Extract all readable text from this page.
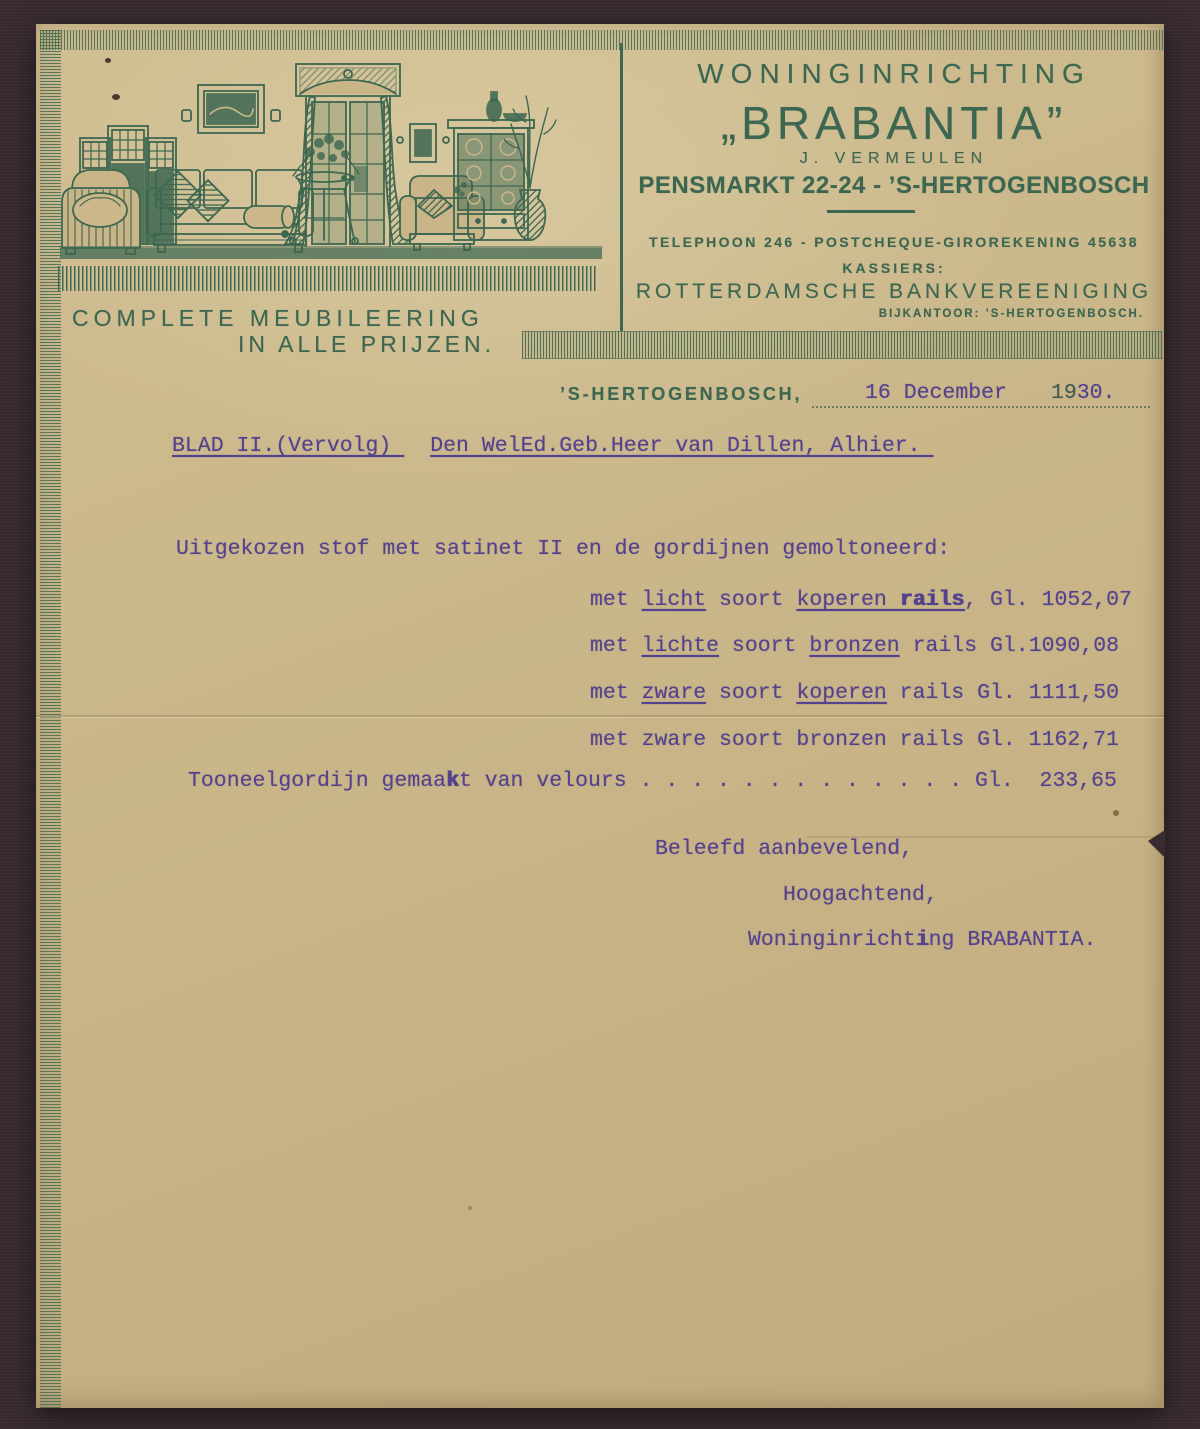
WONINGINRICHTING
„BRABANTIA”
J. VERMEULEN
PENSMARKT 22-24 - ’S-HERTOGENBOSCH
TELEPHOON 246 - POSTCHEQUE-GIROREKENING 45638
KASSIERS:
ROTTERDAMSCHE BANKVEREENIGING
BIJKANTOOR: ’S-HERTOGENBOSCH.
COMPLETE MEUBILEERING
IN ALLE PRIJZEN.
’S-HERTOGENBOSCH,	16 December 1930.
BLAD II.(Vervolg) Den WelEd.Geb.Heer van Dillen, Alhier.
Uitgekozen stof met satinet II en de gordijnen gemoltoneerd:
met licht soort koperen rails, Gl. 1052,07
met lichte soort bronzen rails Gl.1090,08
met zware soort koperen rails Gl. 1111,50
met zware soort bronzen rails Gl. 1162,71
Tooneelgordijn gemaakt van velours . . . . . . . . . . . . . Gl.  233,65
Beleefd aanbevelend,
Hoogachtend,
Woninginrichting BRABANTIA.
